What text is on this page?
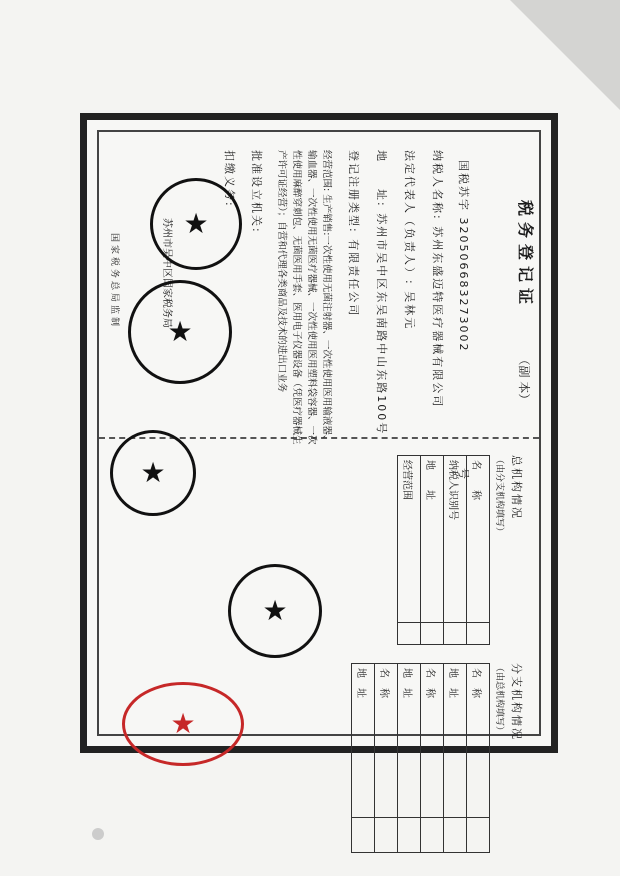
税务登记证 （副 本）
国税苏字 320506683273002 号
纳税人名称: 苏州东盛迈特医疗器械有限公司
法定代表人（负责人）: 吴林元
地　　址: 苏州市吴中区东吴南路中山东路100号
登记注册类型: 有限责任公司
经营范围: 生产销售:一次性使用无菌注射器、一次性使用医用输液器、输血器、一次性使用无菌医疗器械、一次性使用医用塑料袋容器、一次性使用麻醉穿刺包、无菌医用手套、医用电子仪器设备（凭医疗器械生产许可证经营）；自营和代理各类商品及技术的进出口业务
批准设立机关:
扣缴义务:
苏州市吴中区国家税务局
国家税务总局监制
总机构情况
（由分支机构填写）
名　　称	
纳税人识别号	
地　　址	
经营范围	
分支机构情况
（由总机构填写）
名　称	
地　址	
名　称	
地　址	
名　称	
地　址	
★
★
★
★
★
